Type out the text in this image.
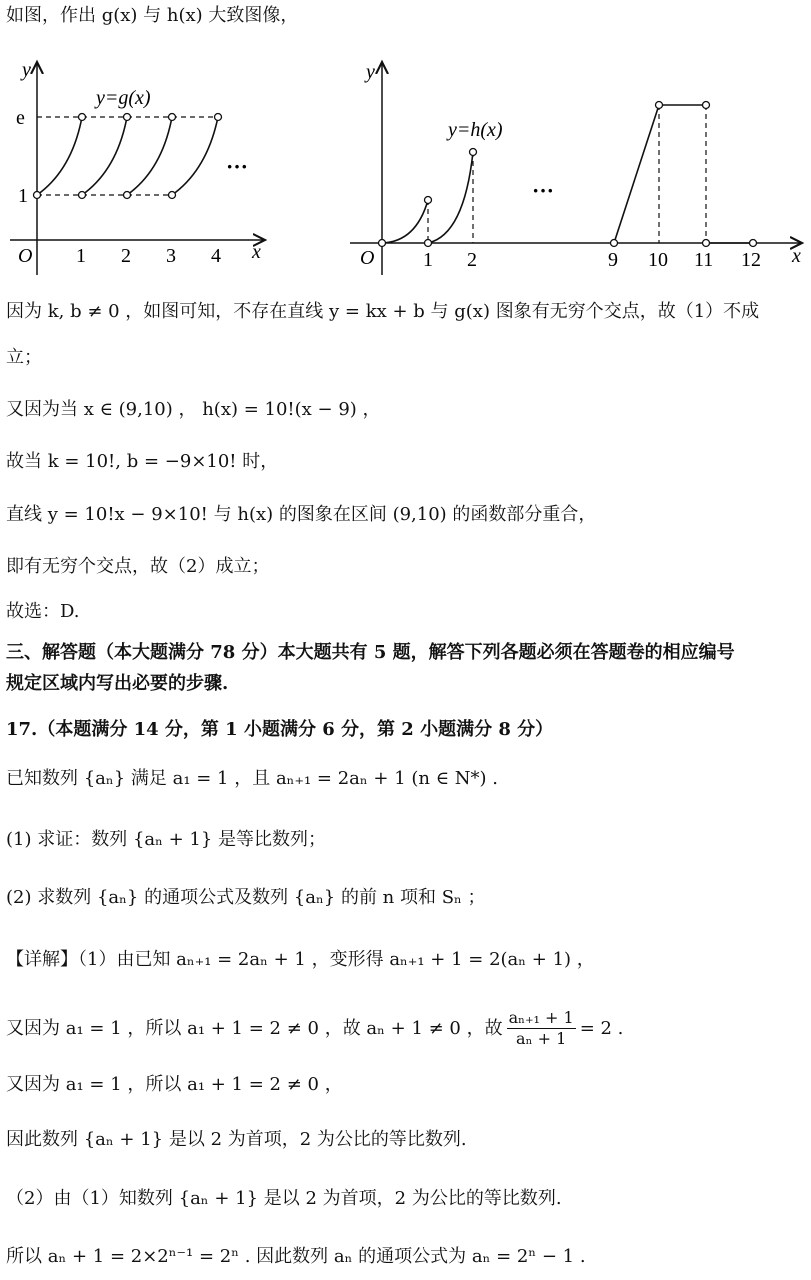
如图，作出 g(x) 与 h(x) 大致图像，
y
x
O
e
1
1 2 3 4
y=g(x)
···
y
x
O 1 2	9 10 11 12
y=h(x)
···
因为 k, b ≠ 0 ，如图可知，不存在直线 y = kx + b 与 g(x) 图象有无穷个交点，故（1）不成
立；
又因为当 x ∈ (9,10) ， h(x) = 10!(x − 9) ，
故当 k = 10!, b = −9×10! 时，
直线 y = 10!x − 9×10! 与 h(x) 的图象在区间 (9,10) 的函数部分重合，
即有无穷个交点，故（2）成立；
故选：D.
三、解答题（本大题满分 78 分）本大题共有 5 题，解答下列各题必须在答题卷的相应编号
规定区域内写出必要的步骤.
17.（本题满分 14 分，第 1 小题满分 6 分，第 2 小题满分 8 分）
已知数列 {aₙ} 满足 a₁ = 1 ，且 aₙ₊₁ = 2aₙ + 1 (n ∈ N*) .
(1) 求证：数列 {aₙ + 1} 是等比数列；
(2) 求数列 {aₙ} 的通项公式及数列 {aₙ} 的前 n 项和 Sₙ ；
【详解】（1）由已知 aₙ₊₁ = 2aₙ + 1 ，变形得 aₙ₊₁ + 1 = 2(aₙ + 1) ，
又因为 a₁ = 1 ，所以 a₁ + 1 = 2 ≠ 0 ，故 aₙ + 1 ≠ 0 ，故 $\frac{\text{aₙ₊₁ + 1}}{\text{aₙ + 1}} = 2$ .
又因为 a₁ = 1 ，所以 a₁ + 1 = 2 ≠ 0 ，
因此数列 {aₙ + 1} 是以 2 为首项，2 为公比的等比数列.
（2）由（1）知数列 {aₙ + 1} 是以 2 为首项，2 为公比的等比数列.
所以 aₙ + 1 = 2×2ⁿ⁻¹ = 2ⁿ . 因此数列 aₙ 的通项公式为 aₙ = 2ⁿ − 1 .
